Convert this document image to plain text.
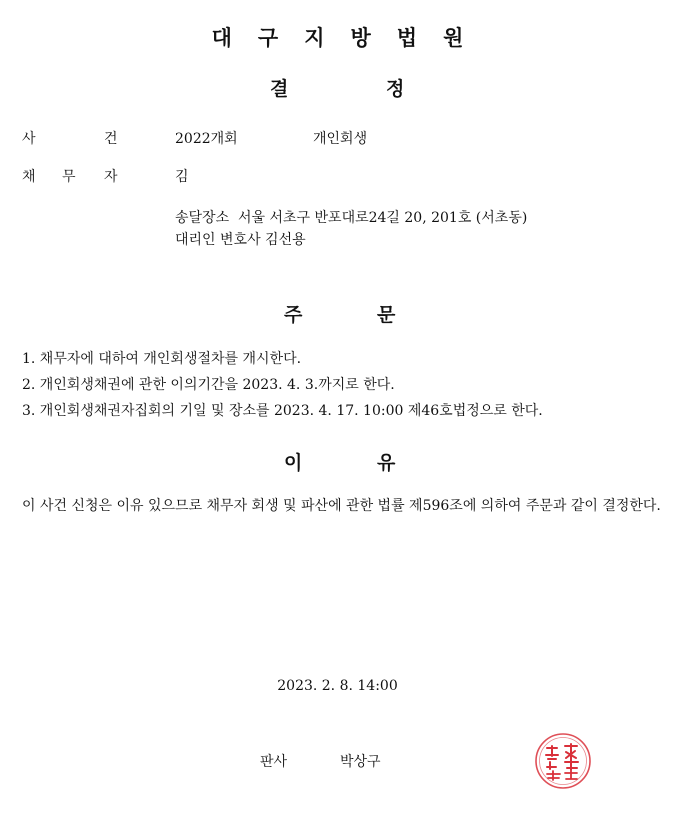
대구지방법원
결	정
사	건	2022개회	개인회생
채 무 자	김
송달장소  서울 서초구 반포대로24길 20, 201호 (서초동)
대리인 변호사 김선용
주	문
1. 채무자에 대하여 개인회생절차를 개시한다.
2. 개인회생채권에 관한 이의기간을 2023. 4. 3.까지로 한다.
3. 개인회생채권자집회의 기일 및 장소를 2023. 4. 17. 10:00 제46호법정으로 한다.
이	유
이 사건 신청은 이유 있으므로 채무자 회생 및 파산에 관한 법률 제596조에 의하여 주문과 같이 결정한다.
2023. 2. 8. 14:00
판사	박상구
